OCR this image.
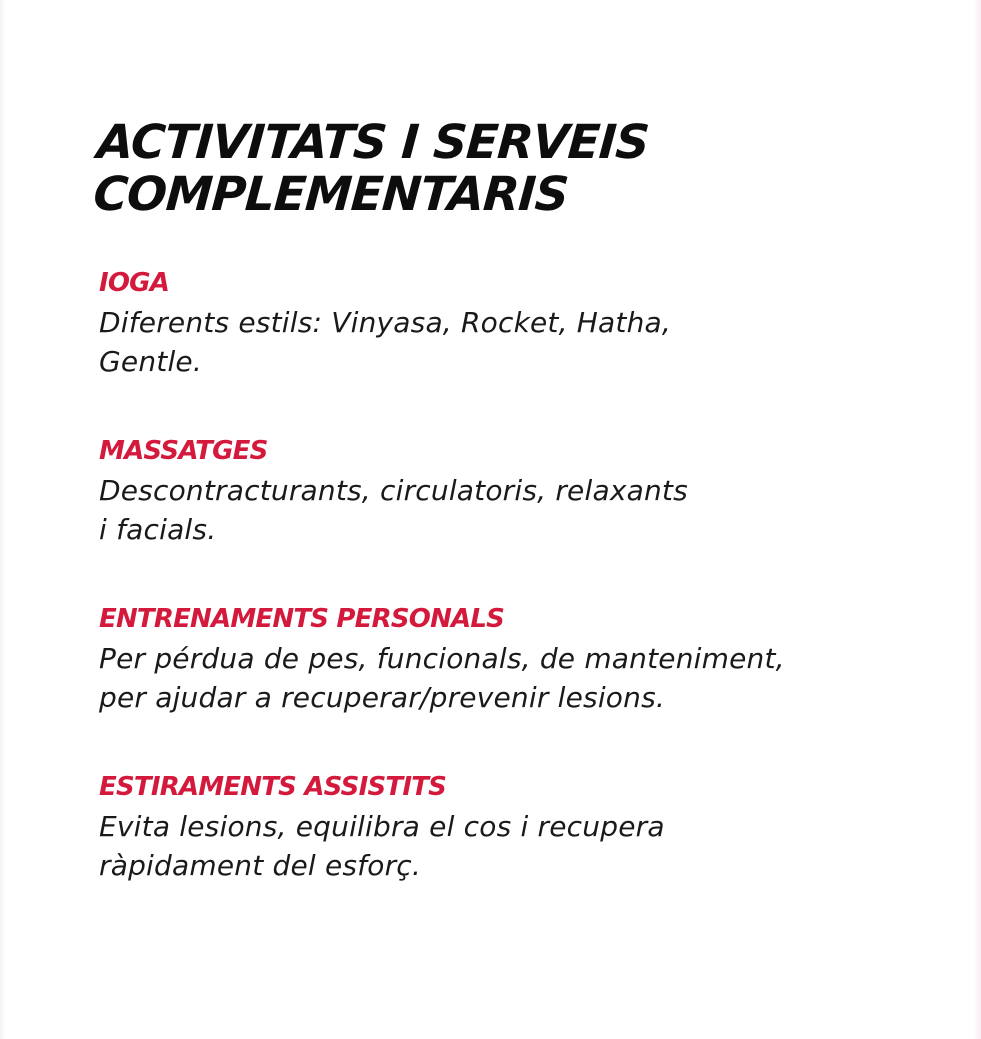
ACTIVITATS I SERVEIS
COMPLEMENTARIS
IOGA

Diferents estils: Vinyasa, Rocket, Hatha,
Gentle.

MASSATGES

Descontracturants, circulatoris, relaxants
i facials.

ENTRENAMENTS PERSONALS

Per pérdua de pes, funcionals, de manteniment,
per ajudar a recuperar/prevenir lesions.

ESTIRAMENTS ASSISTITS

Evita lesions, equilibra el cos i recupera
ràpidament del esforç.
